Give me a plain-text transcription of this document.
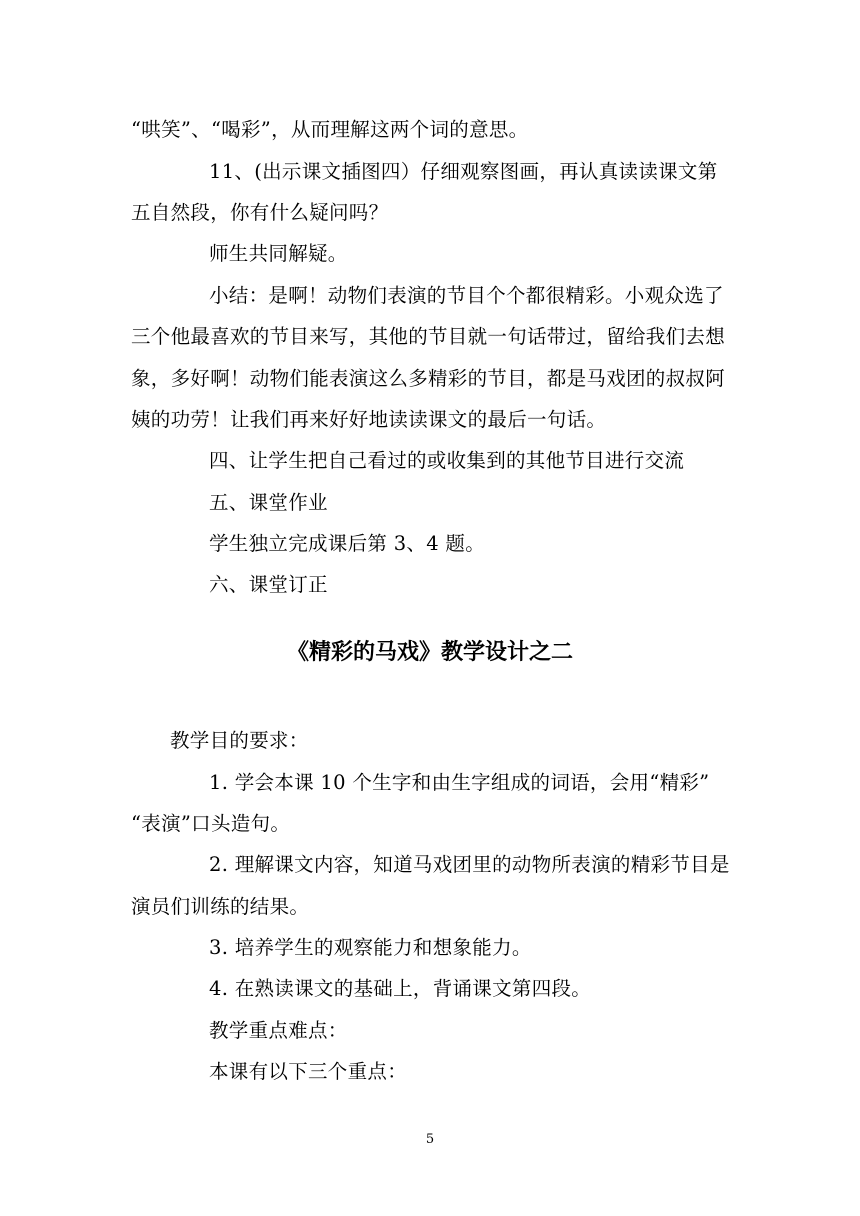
“哄笑”、“喝彩”，从而理解这两个词的意思。
11、(出示课文插图四）仔细观察图画，再认真读读课文第
五自然段，你有什么疑问吗？
师生共同解疑。
小结：是啊！动物们表演的节目个个都很精彩。小观众选了
三个他最喜欢的节目来写，其他的节目就一句话带过，留给我们去想
象，多好啊！动物们能表演这么多精彩的节目，都是马戏团的叔叔阿
姨的功劳！让我们再来好好地读读课文的最后一句话。
四、让学生把自己看过的或收集到的其他节目进行交流
五、课堂作业
学生独立完成课后第 3、4 题。
六、课堂订正
《精彩的马戏》教学设计之二
教学目的要求：
1. 学会本课 10 个生字和由生字组成的词语，会用“精彩”
“表演”口头造句。
2. 理解课文内容，知道马戏团里的动物所表演的精彩节目是
演员们训练的结果。
3. 培养学生的观察能力和想象能力。
4. 在熟读课文的基础上，背诵课文第四段。
教学重点难点：
本课有以下三个重点：
5
